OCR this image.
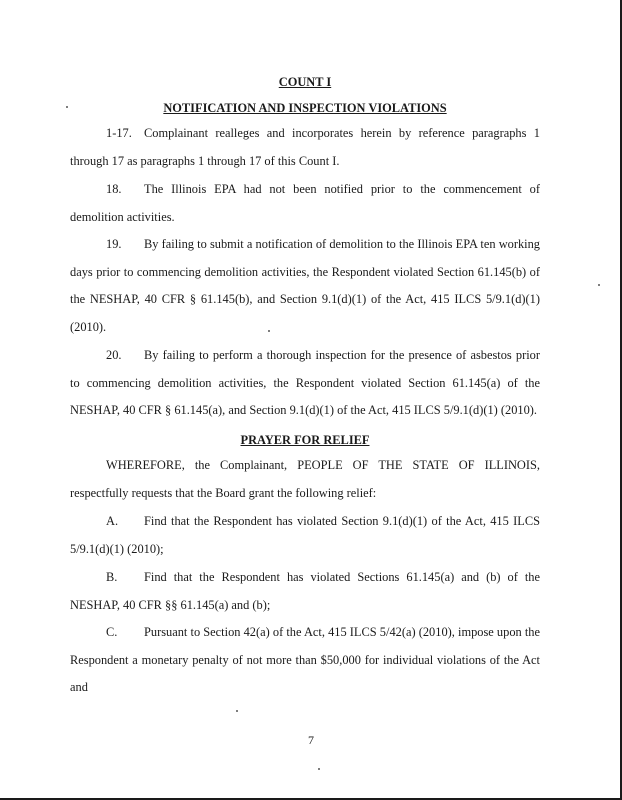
COUNT I

NOTIFICATION AND INSPECTION VIOLATIONS

1-17. Complainant realleges and incorporates herein by reference paragraphs 1 through 17 as paragraphs 1 through 17 of this Count I.

18. The Illinois EPA had not been notified prior to the commencement of demolition activities.

19. By failing to submit a notification of demolition to the Illinois EPA ten working days prior to commencing demolition activities, the Respondent violated Section 61.145(b) of the NESHAP, 40 CFR § 61.145(b), and Section 9.1(d)(1) of the Act, 415 ILCS 5/9.1(d)(1) (2010).

20. By failing to perform a thorough inspection for the presence of asbestos prior to commencing demolition activities, the Respondent violated Section 61.145(a) of the NESHAP, 40 CFR § 61.145(a), and Section 9.1(d)(1) of the Act, 415 ILCS 5/9.1(d)(1) (2010).

PRAYER FOR RELIEF

WHEREFORE, the Complainant, PEOPLE OF THE STATE OF ILLINOIS, respectfully requests that the Board grant the following relief:

A. Find that the Respondent has violated Section 9.1(d)(1) of the Act, 415 ILCS 5/9.1(d)(1) (2010);

B. Find that the Respondent has violated Sections 61.145(a) and (b) of the NESHAP, 40 CFR §§ 61.145(a) and (b);

C. Pursuant to Section 42(a) of the Act, 415 ILCS 5/42(a) (2010), impose upon the Respondent a monetary penalty of not more than $50,000 for individual violations of the Act and

7
